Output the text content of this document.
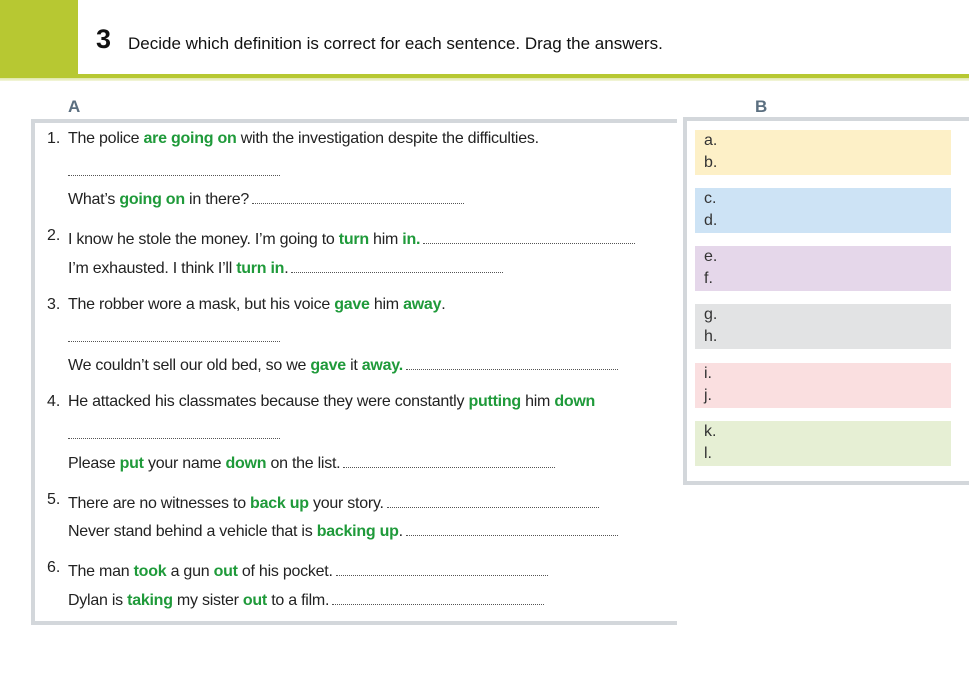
3 Decide which definition is correct for each sentence. Drag the answers.
A	B
1. The police are going on with the investigation despite the difficulties.
What’s going on in there?
2. I know he stole the money. I’m going to turn him in.
I’m exhausted. I think I’ll turn in.
3. The robber wore a mask, but his voice gave him away.
We couldn’t sell our old bed, so we gave it away.
4. He attacked his classmates because they were constantly putting him down
Please put your name down on the list.
5. There are no witnesses to back up your story.
Never stand behind a vehicle that is backing up.
6. The man took a gun out of his pocket.
Dylan is taking my sister out to a film.
a.
b.
c.
d.
e.
f.
g.
h.
i.
j.
k.
l.
